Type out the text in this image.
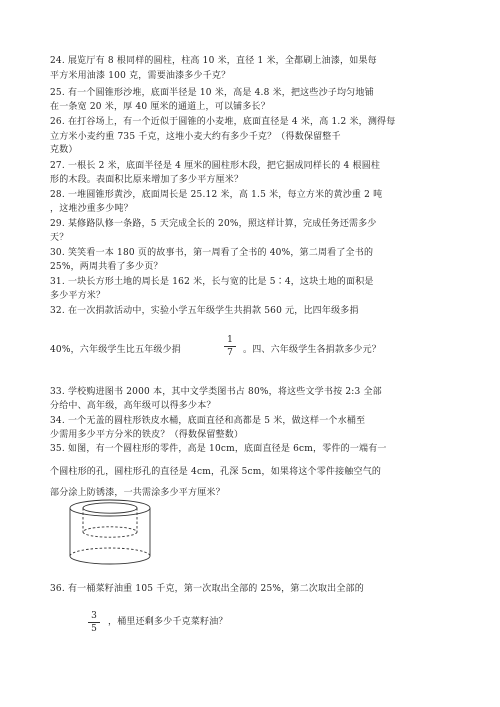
24. 展览厅有 8 根同样的圆柱，柱高 10 米，直径 1 米，全都刷上油漆，如果每
平方米用油漆 100 克，需要油漆多少千克？
25. 有一个圆锥形沙堆，底面半径是 10 米，高是 4.8 米，把这些沙子均匀地铺
在一条宽 20 米，厚 40 厘米的通道上，可以铺多长？
26. 在打谷场上，有一个近似于圆锥的小麦堆，底面直径是 4 米，高 1.2 米，测得每
立方米小麦约重 735 千克，这堆小麦大约有多少千克？（得数保留整千
克数）
27. 一根长 2 米，底面半径是 4 厘米的圆柱形木段，把它据成同样长的 4 根圆柱
形的木段。表面积比原来增加了多少平方厘米？
28. 一堆圆锥形黄沙，底面周长是 25.12 米，高 1.5 米，每立方米的黄沙重 2 吨
，这堆沙重多少吨？
29. 某修路队修一条路，5 天完成全长的 20%，照这样计算，完成任务还需多少
天？
30. 笑笑看一本 180 页的故事书，第一周看了全书的 40%，第二周看了全书的
25%，两周共看了多少页？
31. 一块长方形土地的周长是 162 米，长与宽的比是 5∶4，这块土地的面积是
多少平方米？
32. 在一次捐款活动中，实验小学五年级学生共捐款 560 元，比四年级多捐
40%，六年级学生比五年级少捐
1
7	。四、六年级学生各捐款多少元？
33. 学校购进图书 2000 本，其中文学类图书占 80%，将这些文学书按 2:3 全部
分给中、高年级，高年级可以得多少本？
34. 一个无盖的圆柱形铁皮水桶，底面直径和高都是 5 米，做这样一个水桶至
少需用多少平方分米的铁皮？（得数保留整数）
35. 如图，有一个圆柱形的零件，高是 10cm，底面直径是 6cm，零件的一端有一
个圆柱形的孔，圆柱形孔的直径是 4cm，孔深 5cm，如果将这个零件接触空气的
部分涂上防锈漆，一共需涂多少平方厘米？
36. 有一桶菜籽油重 105 千克，第一次取出全部的 25%，第二次取出全部的
3
5
，桶里还剩多少千克菜籽油？
